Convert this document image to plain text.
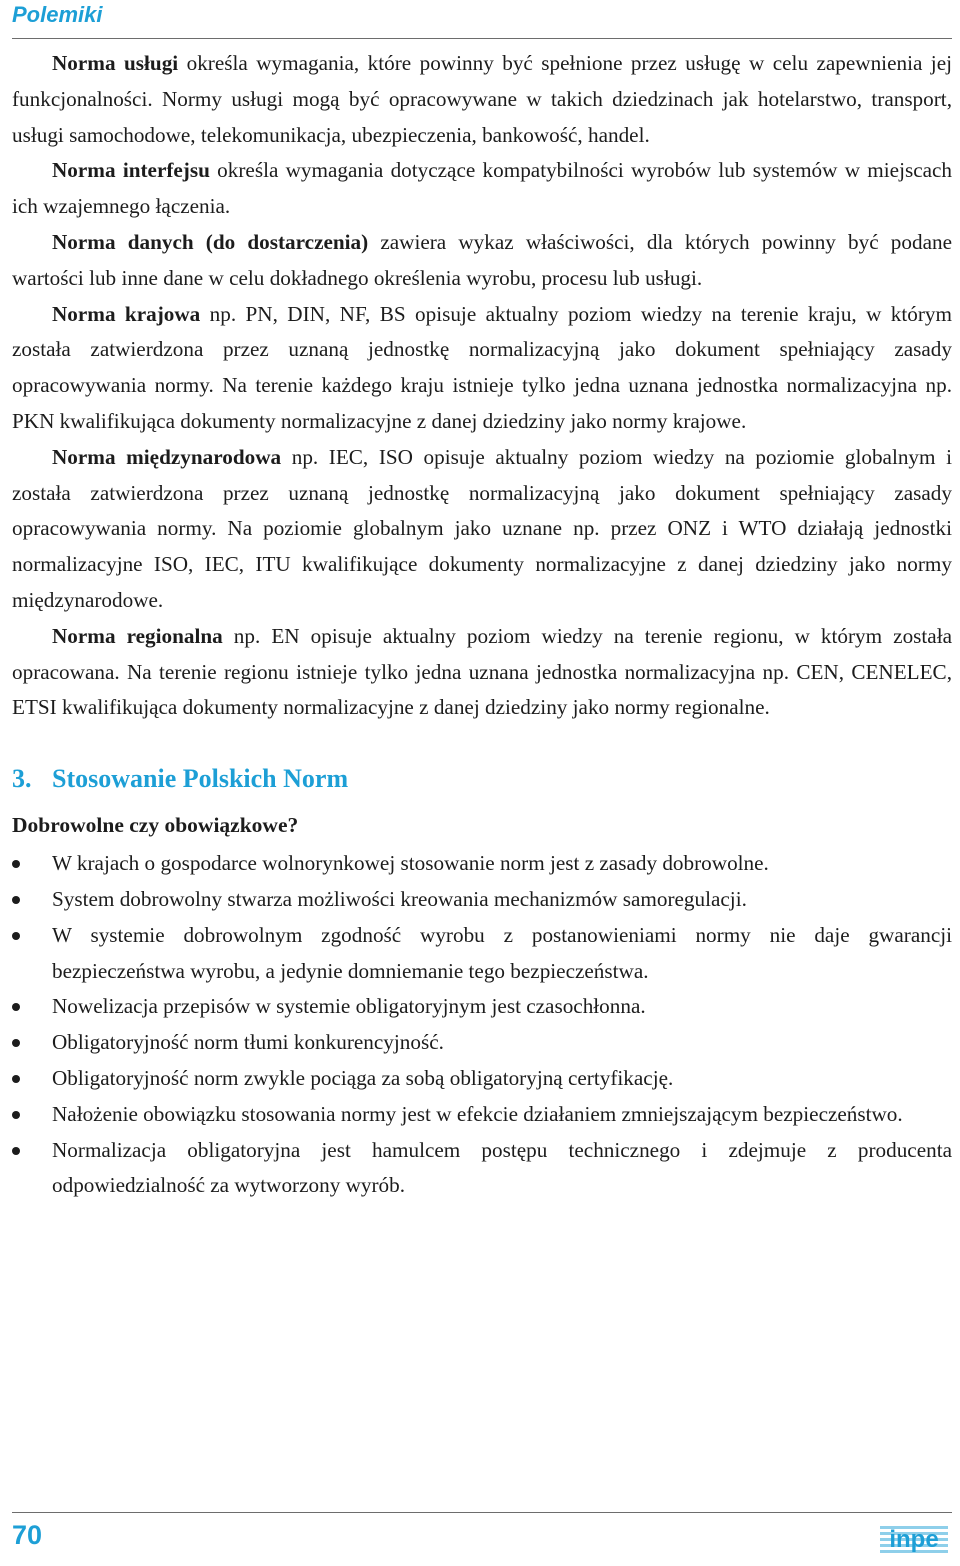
Polemiki

Norma usługi określa wymagania, które powinny być spełnione przez usługę w celu zapewnienia jej funkcjonalności. Normy usługi mogą być opracowywane w takich dziedzinach jak hotelarstwo, transport, usługi samochodowe, telekomunikacja, ubezpieczenia, bankowość, handel.

Norma interfejsu określa wymagania dotyczące kompatybilności wyrobów lub systemów w miejscach ich wzajemnego łączenia.

Norma danych (do dostarczenia) zawiera wykaz właściwości, dla których powinny być podane wartości lub inne dane w celu dokładnego określenia wyrobu, procesu lub usługi.

Norma krajowa np. PN, DIN, NF, BS opisuje aktualny poziom wiedzy na terenie kraju, w którym została zatwierdzona przez uznaną jednostkę normalizacyjną jako dokument spełniający zasady opracowywania normy. Na terenie każdego kraju istnieje tylko jedna uznana jednostka normalizacyjna np. PKN kwalifikująca dokumenty normalizacyjne z danej dziedziny jako normy krajowe.

Norma międzynarodowa np. IEC, ISO opisuje aktualny poziom wiedzy na poziomie globalnym i została zatwierdzona przez uznaną jednostkę normalizacyjną jako dokument spełniający zasady opracowywania normy. Na poziomie globalnym jako uznane np. przez ONZ i WTO działają jednostki normalizacyjne ISO, IEC, ITU kwalifikujące dokumenty normalizacyjne z danej dziedziny jako normy międzynarodowe.

Norma regionalna np. EN opisuje aktualny poziom wiedzy na terenie regionu, w którym została opracowana. Na terenie regionu istnieje tylko jedna uznana jednostka normalizacyjna np. CEN, CENELEC, ETSI kwalifikująca dokumenty normalizacyjne z danej dziedziny jako normy regionalne.

3. Stosowanie Polskich Norm
Dobrowolne czy obowiązkowe?
W krajach o gospodarce wolnorynkowej stosowanie norm jest z zasady dobrowolne.
System dobrowolny stwarza możliwości kreowania mechanizmów samoregulacji.
W systemie dobrowolnym zgodność wyrobu z postanowieniami normy nie daje gwarancji bezpieczeństwa wyrobu, a jedynie domniemanie tego bezpieczeństwa.
Nowelizacja przepisów w systemie obligatoryjnym jest czasochłonna.
Obligatoryjność norm tłumi konkurencyjność.
Obligatoryjność norm zwykle pociąga za sobą obligatoryjną certyfikację.
Nałożenie obowiązku stosowania normy jest w efekcie działaniem zmniejszającym bezpieczeństwo.
Normalizacja obligatoryjna jest hamulcem postępu technicznego i zdejmuje z producenta odpowiedzialność za wytworzony wyrób.
70	inpe
